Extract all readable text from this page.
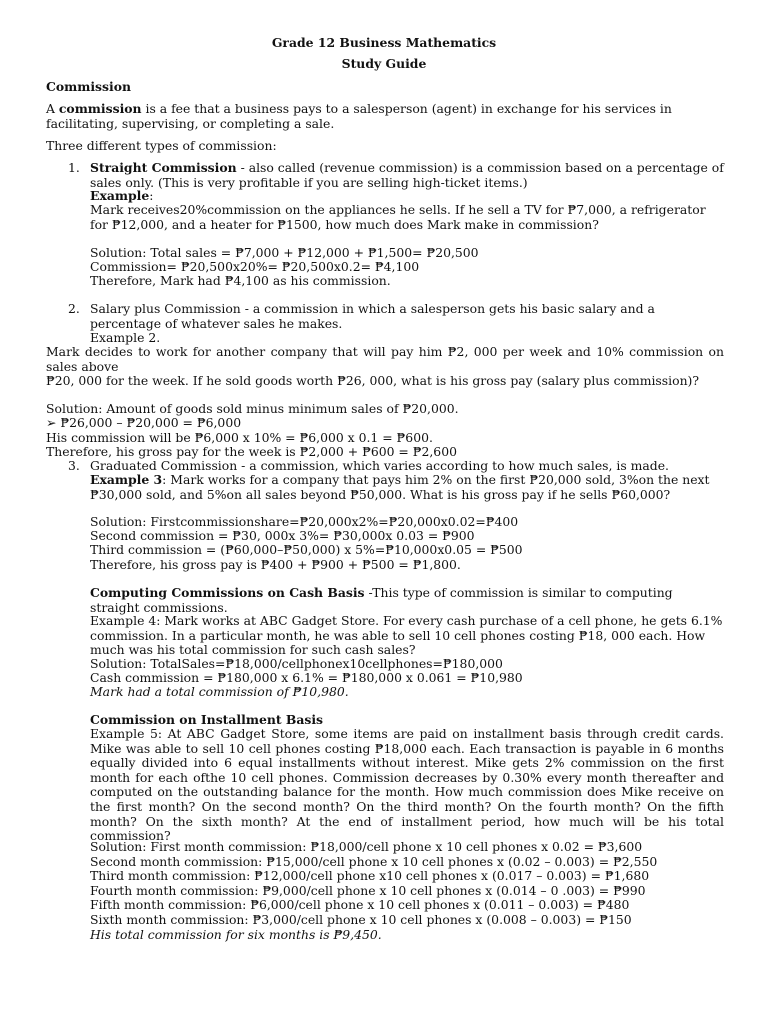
Grade 12 Business Mathematics

Study Guide

Commission

A commission is a fee that a business pays to a salesperson (agent) in exchange for his services in facilitating, supervising, or completing a sale.

Three different types of commission:

1. Straight Commission - also called (revenue commission) is a commission based on a percentage of sales only. (This is very profitable if you are selling high-ticket items.)

Example:

Mark receives20%commission on the appliances he sells. If he sell a TV for ₱7,000, a refrigerator for ₱12,000, and a heater for ₱1500, how much does Mark make in commission?

Solution: Total sales = ₱7,000 + ₱12,000 + ₱1,500= ₱20,500

Commission= ₱20,500x20%= ₱20,500x0.2= ₱4,100

Therefore, Mark had ₱4,100 as his commission.

2. Salary plus Commission - a commission in which a salesperson gets his basic salary and a percentage of whatever sales he makes.

Example 2.

Mark decides to work for another company that will pay him ₱2, 000 per week and 10% commission on sales above

₱20, 000 for the week. If he sold goods worth ₱26, 000, what is his gross pay (salary plus commission)?

Solution: Amount of goods sold minus minimum sales of ₱20,000.

➢ ₱26,000 – ₱20,000 = ₱6,000

His commission will be ₱6,000 x 10% = ₱6,000 x 0.1 = ₱600.

Therefore, his gross pay for the week is ₱2,000 + ₱600 = ₱2,600

3. Graduated Commission - a commission, which varies according to how much sales, is made.

Example 3: Mark works for a company that pays him 2% on the first ₱20,000 sold, 3%on the next ₱30,000 sold, and 5%on all sales beyond ₱50,000. What is his gross pay if he sells ₱60,000?

Solution: Firstcommissionshare=₱20,000x2%=₱20,000x0.02=₱400

Second commission = ₱30, 000x 3%= ₱30,000x 0.03 = ₱900

Third commission = (₱60,000–₱50,000) x 5%=₱10,000x0.05 = ₱500

Therefore, his gross pay is ₱400 + ₱900 + ₱500 = ₱1,800.

Computing Commissions on Cash Basis -This type of commission is similar to computing straight commissions.

Example 4: Mark works at ABC Gadget Store. For every cash purchase of a cell phone, he gets 6.1% commission. In a particular month, he was able to sell 10 cell phones costing ₱18, 000 each. How much was his total commission for such cash sales?

Solution: TotalSales=₱18,000/cellphonex10cellphones=₱180,000

Cash commission = ₱180,000 x 6.1% = ₱180,000 x 0.061 = ₱10,980

Mark had a total commission of ₱10,980.

Commission on Installment Basis

Example 5: At ABC Gadget Store, some items are paid on installment basis through credit cards. Mike was able to sell 10 cell phones costing ₱18,000 each. Each transaction is payable in 6 months equally divided into 6 equal installments without interest. Mike gets 2% commission on the first month for each ofthe 10 cell phones. Commission decreases by 0.30% every month thereafter and computed on the outstanding balance for the month. How much commission does Mike receive on the first month? On the second month? On the third month? On the fourth month? On the fifth month? On the sixth month? At the end of installment period, how much will be his total commission?

Solution: First month commission: ₱18,000/cell phone x 10 cell phones x 0.02 = ₱3,600
Second month commission: ₱15,000/cell phone x 10 cell phones x (0.02 – 0.003) = ₱2,550
Third month commission: ₱12,000/cell phone x10 cell phones x (0.017 – 0.003) = ₱1,680
Fourth month commission: ₱9,000/cell phone x 10 cell phones x (0.014 – 0 .003) = ₱990
Fifth month commission: ₱6,000/cell phone x 10 cell phones x (0.011 – 0.003) = ₱480
Sixth month commission: ₱3,000/cell phone x 10 cell phones x (0.008 – 0.003) = ₱150
His total commission for six months is ₱9,450.
